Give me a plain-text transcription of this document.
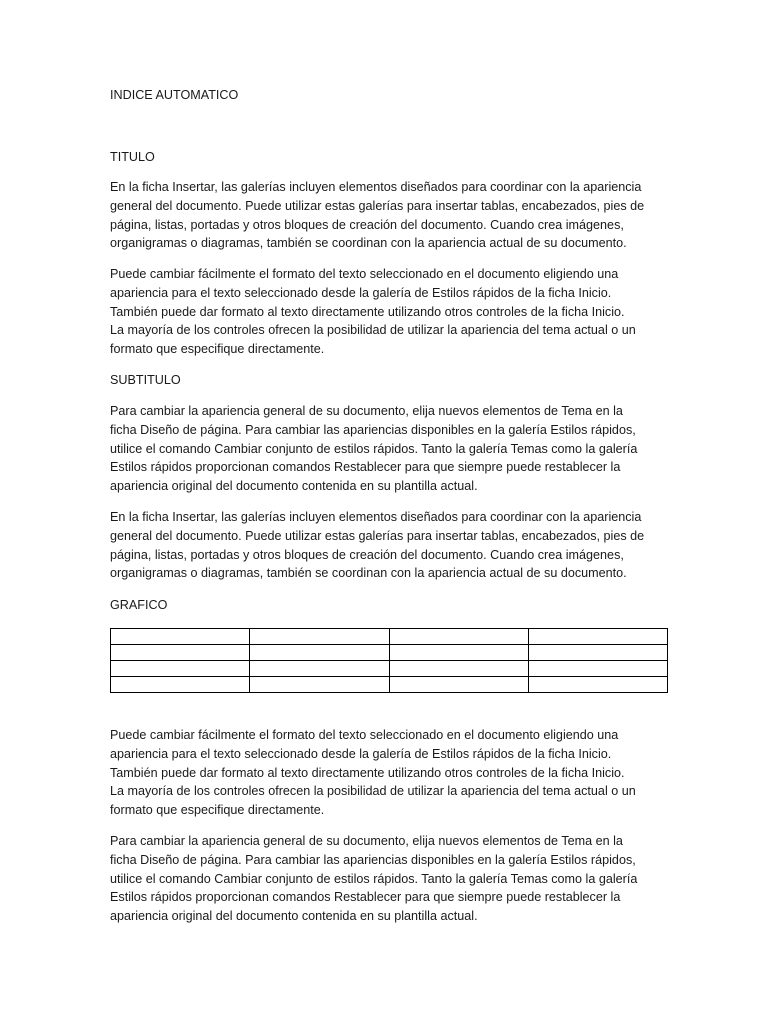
INDICE AUTOMATICO
TITULO
En la ficha Insertar, las galerías incluyen elementos diseñados para coordinar con la apariencia
general del documento. Puede utilizar estas galerías para insertar tablas, encabezados, pies de
página, listas, portadas y otros bloques de creación del documento. Cuando crea imágenes,
organigramas o diagramas, también se coordinan con la apariencia actual de su documento.
Puede cambiar fácilmente el formato del texto seleccionado en el documento eligiendo una
apariencia para el texto seleccionado desde la galería de Estilos rápidos de la ficha Inicio.
También puede dar formato al texto directamente utilizando otros controles de la ficha Inicio.
La mayoría de los controles ofrecen la posibilidad de utilizar la apariencia del tema actual o un
formato que especifique directamente.
SUBTITULO
Para cambiar la apariencia general de su documento, elija nuevos elementos de Tema en la
ficha Diseño de página. Para cambiar las apariencias disponibles en la galería Estilos rápidos,
utilice el comando Cambiar conjunto de estilos rápidos. Tanto la galería Temas como la galería
Estilos rápidos proporcionan comandos Restablecer para que siempre puede restablecer la
apariencia original del documento contenida en su plantilla actual.
En la ficha Insertar, las galerías incluyen elementos diseñados para coordinar con la apariencia
general del documento. Puede utilizar estas galerías para insertar tablas, encabezados, pies de
página, listas, portadas y otros bloques de creación del documento. Cuando crea imágenes,
organigramas o diagramas, también se coordinan con la apariencia actual de su documento.
GRAFICO

Puede cambiar fácilmente el formato del texto seleccionado en el documento eligiendo una
apariencia para el texto seleccionado desde la galería de Estilos rápidos de la ficha Inicio.
También puede dar formato al texto directamente utilizando otros controles de la ficha Inicio.
La mayoría de los controles ofrecen la posibilidad de utilizar la apariencia del tema actual o un
formato que especifique directamente.
Para cambiar la apariencia general de su documento, elija nuevos elementos de Tema en la
ficha Diseño de página. Para cambiar las apariencias disponibles en la galería Estilos rápidos,
utilice el comando Cambiar conjunto de estilos rápidos. Tanto la galería Temas como la galería
Estilos rápidos proporcionan comandos Restablecer para que siempre puede restablecer la
apariencia original del documento contenida en su plantilla actual.
